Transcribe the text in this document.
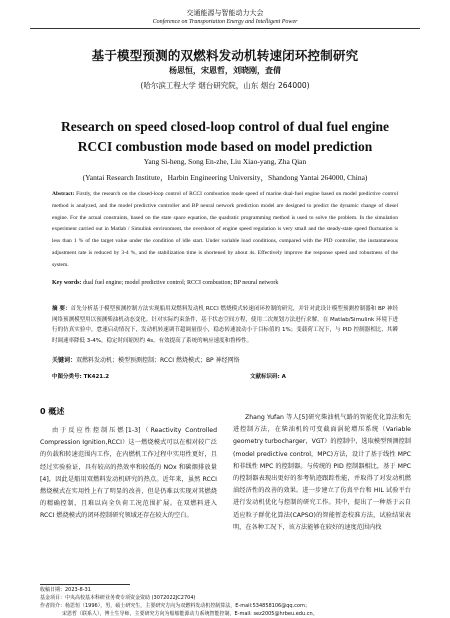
交通能源与智能动力大会
Conference on Transportation Energy and Intelligent Power
基于模型预测的双燃料发动机转速闭环控制研究
杨思恒，宋恩哲，刘晓刚，査倩
(哈尔滨工程大学 烟台研究院，山东 烟台 264000)
Research on speed closed-loop control of dual fuel engine
RCCI combustion mode based on model prediction
Yang Si-heng, Song En-zhe, Liu Xiao-yang, Zha Qian
(Yantai Research Institute，Harbin Engineering University，Shandong Yantai 264000, China)
Abstract: Firstly, the research on the closed-loop control of RCCI combustion mode speed of marine dual-fuel engine based on model predictive control method is analyzed, and the model predictive controller and BP neural network prediction model are designed to predict the dynamic change of diesel engine. For the actual constraints, based on the state space equation, the quadratic programming method is used to solve the problem. In the simulation experiment carried out in Matlab / Simulink environment, the overshoot of engine speed regulation is very small and the steady-state speed fluctuation is less than 1 % of the target value under the condition of idle start. Under variable load conditions, compared with the PID controller, the instantaneous adjustment rate is reduced by 3-4 %, and the stabilization time is shortened by about 4s. Effectively improve the response speed and robustness of the system.
Key words: dual fuel engine; model predictive control; RCCI combustion; BP neural network
摘 要：首先分析基于模型预测控制方法实现船用双燃料发动机 RCCI 燃烧模式转速闭环控制的研究，并针对此设计模型预测控制器和 BP 神经网络预测模型用以预测柴油机动态变化。针对实际约束条件，基于状态空间方程，使用二次规划方法进行求解。在 Matlab/Simulink 环境下进行的仿真实验中，怠速启动情况下，发动机转速调节超调量很小，稳态转速波动小于目标值的 1%；变载荷工况下，与 PID 控制器相比，其瞬时调速率降低 3-4%，稳定时间缩短约 4s。有效提高了系统的响应速度和鲁棒性。
关键词：双燃料发动机；模型预测控制；RCCI 燃烧模式；BP 神经网络
中图分类号: TK421.2	文献标识码: A
0 概述
由于反应性控制压燃[1-3]（Reactivity Controlled Compression Ignition,RCCI）这一燃烧模式可以在相对较广泛的负载和转速范围内工作，在内燃机工作过程中实用性更好，且经过实验验证，具有较高的热效率和较低的 NOx 和碳烟排放量[4]，因此是船用双燃料发动机研究的热点。近年来，虽然 RCCI 燃烧模式在实用性上有了明显的改善，但是仍难以实现对其燃烧的精确控制，且难以向全负荷工况范围扩展。在双燃料进入 RCCI 燃烧模式的闭环控制研究领域还存在较大的空白。
Zhang Yufan 等人[5]研究柴油机气路的智能优化算法和先进控制方法，在柴油机的可变截面涡轮增压系统（Variable geometry turbocharger，VGT）的控制中，选取模型预测控制(model predictive control，MPC)方法，设计了基于线性 MPC 和非线性 MPC 的控制器。与传统的 PID 控制器相比，基于 MPC 的控制器表现出更好的参考轨迹跟踪性能，并取得了对发动机燃油经济性的改善的效果。进一步建立了仿真平台和 HIL 试验平台进行发动机优化与控制的研究工作。其中，提出了一种基于云自适应粒子群优化算法(CAPSO)的智能暂态校准方法，试验结果表明，在各种工况下，该方法能够在较好的速度范围内找
收稿日期：2023-8-31
基金项目：中央高校基本科研业务费专项资金资助 (3072022JC2704)
作者简介：杨思恒（1996），男，硕士研究生，主要研究方向为双燃料发动机控制算法，E-mail:534858106@qq.com；
宋恩哲（联系人），博士生导师，主要研究方向为船舶能源动力系统智能控制，E-mail: sez2005@hrbeu.edu.cn。
